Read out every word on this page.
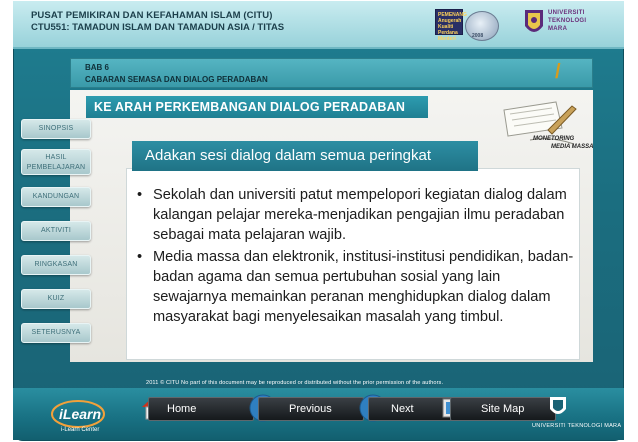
PUSAT PEMIKIRAN DAN KEFAHAMAN ISLAM (CITU)
CTU551: TAMADUN ISLAM DAN TAMADUN ASIA / TITAS
PEMENANG Anugerah Kualiti Perdana Menteri	2008
UNIVERSITI
TEKNOLOGI
MARA
BAB 6
CABARAN SEMASA DAN DIALOG PERADABAN	/
KE ARAH PERKEMBANGAN DIALOG PERADABAN
SINOPSIS
HASIL PEMBELAJARAN
KANDUNGAN
AKTIVITI
RINGKASAN
KUIZ
SETERUSNYA
MONETORING
MEDIA MASSA
• Sekolah dan universiti patut mempelopori kegiatan dialog dalam kalangan pelajar mereka-menjadikan pengajian ilmu peradaban sebagai mata pelajaran wajib.
• Media massa dan elektronik, institusi-institusi pendidikan, badan-badan agama dan semua pertubuhan sosial yang lain sewajarnya memainkan peranan menghidupkan dialog dalam masyarakat bagi menyelesaikan masalah yang timbul.
Adakan sesi dialog dalam semua peringkat
2011 © CITU No part of this document may be reproduced or distributed without the prior permission of the authors.
iLearn
i-Learn Center
Home	Previous	Next	Site Map
UNIVERSITI TEKNOLOGI MARA
